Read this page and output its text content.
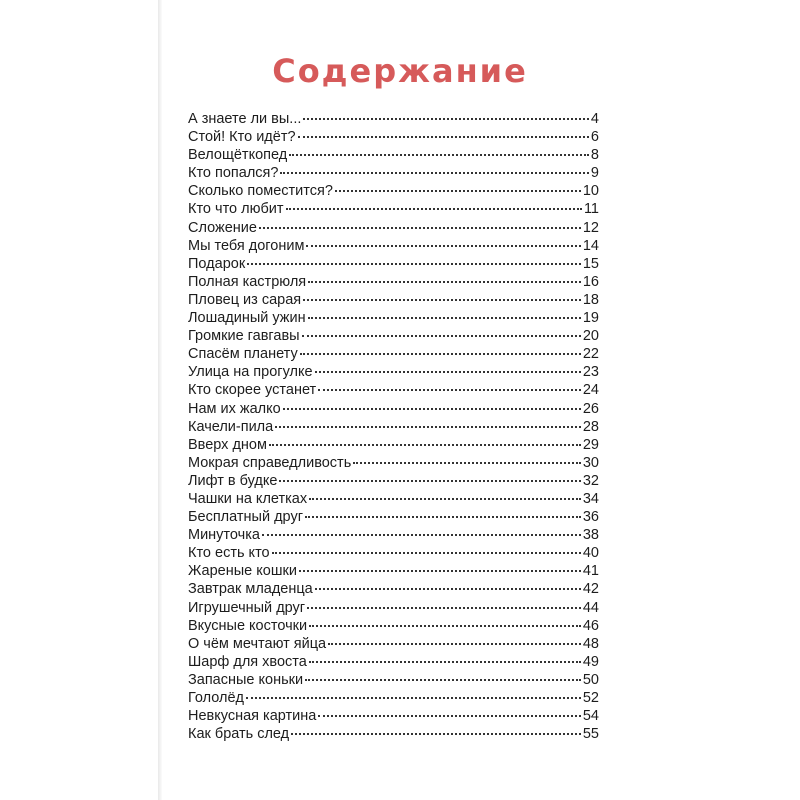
Содержание
А знаете ли вы...	4
Стой! Кто идёт?	6
Велощёткопед	8
Кто попался?	9
Сколько поместится?	10
Кто что любит	11
Сложение	12
Мы тебя догоним	14
Подарок	15
Полная кастрюля	16
Пловец из сарая	18
Лошадиный ужин	19
Громкие гавгавы	20
Спасём планету	22
Улица на прогулке	23
Кто скорее устанет	24
Нам их жалко	26
Качели-пила	28
Вверх дном	29
Мокрая справедливость	30
Лифт в будке	32
Чашки на клетках	34
Бесплатный друг	36
Минуточка	38
Кто есть кто	40
Жареные кошки	41
Завтрак младенца	42
Игрушечный друг	44
Вкусные косточки	46
О чём мечтают яйца	48
Шарф для хвоста	49
Запасные коньки	50
Гололёд	52
Невкусная картина	54
Как брать след	55
